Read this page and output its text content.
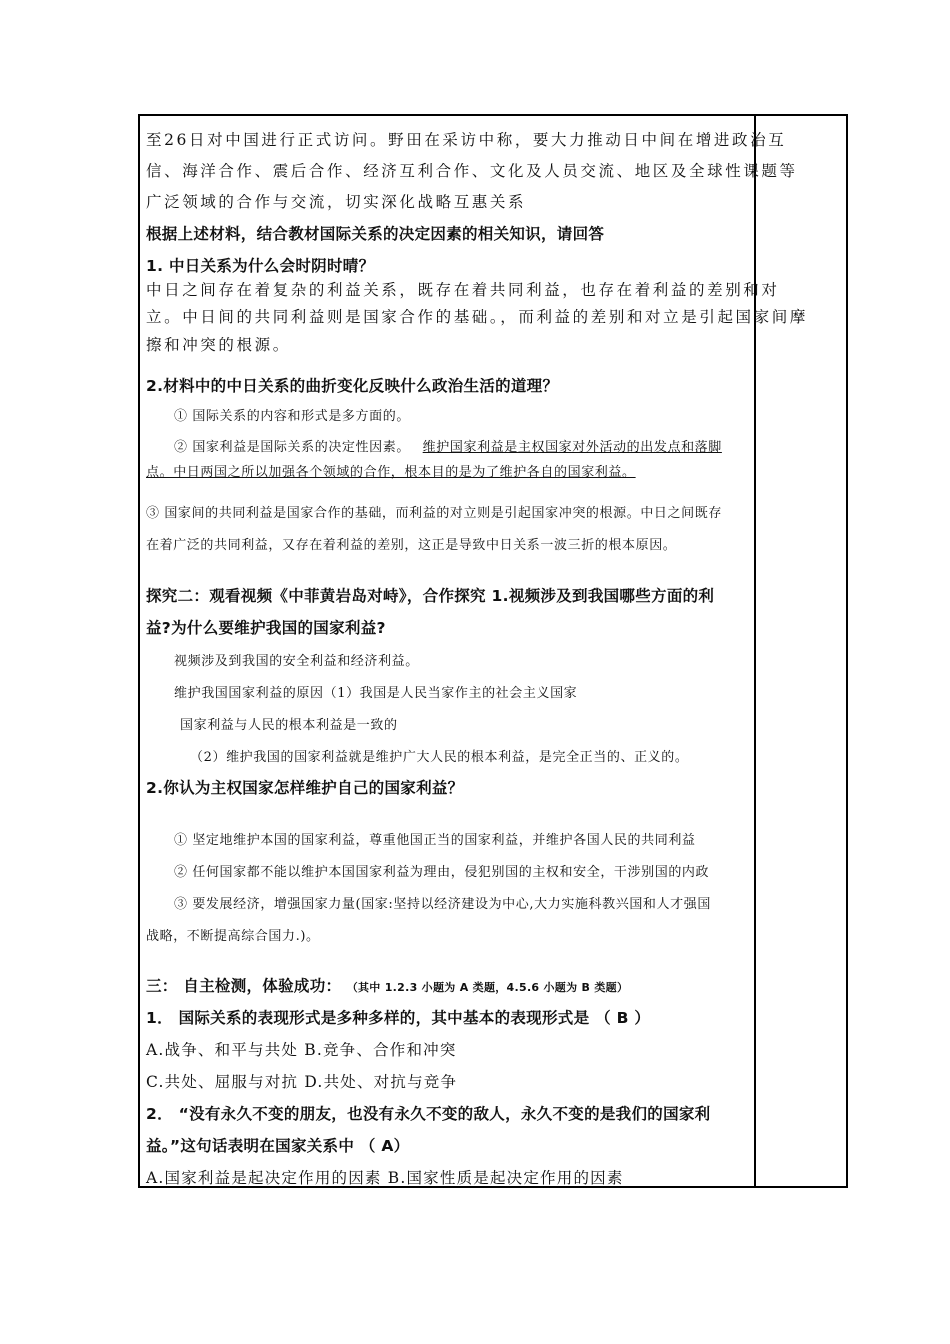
至26日对中国进行正式访问。野田在采访中称，要大力推动日中间在增进政治互
信、海洋合作、震后合作、经济互利合作、文化及人员交流、地区及全球性课题等
广泛领域的合作与交流，切实深化战略互惠关系
根据上述材料，结合教材国际关系的决定因素的相关知识，请回答
1. 中日关系为什么会时阴时晴？
中日之间存在着复杂的利益关系，既存在着共同利益，也存在着利益的差别和对
立。中日间的共同利益则是国家合作的基础。，而利益的差别和对立是引起国家间摩
擦和冲突的根源。
2.材料中的中日关系的曲折变化反映什么政治生活的道理？
① 国际关系的内容和形式是多方面的。
② 国家利益是国际关系的决定性因素。 维护国家利益是主权国家对外活动的出发点和落脚
点。中日两国之所以加强各个领域的合作，根本目的是为了维护各自的国家利益。
③ 国家间的共同利益是国家合作的基础，而利益的对立则是引起国家冲突的根源。中日之间既存
在着广泛的共同利益，又存在着利益的差别，这正是导致中日关系一波三折的根本原因。
探究二：观看视频《中菲黄岩岛对峙》，合作探究 1.视频涉及到我国哪些方面的利
益?为什么要维护我国的国家利益?
视频涉及到我国的安全利益和经济利益。
维护我国国家利益的原因（1）我国是人民当家作主的社会主义国家
国家利益与人民的根本利益是一致的
（2）维护我国的国家利益就是维护广大人民的根本利益，是完全正当的、正义的。
2.你认为主权国家怎样维护自己的国家利益？
① 坚定地维护本国的国家利益，尊重他国正当的国家利益，并维护各国人民的共同利益
② 任何国家都不能以维护本国国家利益为理由，侵犯别国的主权和安全，干涉别国的内政
③ 要发展经济，增强国家力量(国家:坚持以经济建设为中心,大力实施科教兴国和人才强国
战略，不断提高综合国力.)。
三： 自主检测，体验成功： （其中 1.2.3 小题为 A 类题，4.5.6 小题为 B 类题）
1． 国际关系的表现形式是多种多样的，其中基本的表现形式是 （ B ）
A.战争、和平与共处 B.竞争、合作和冲突
C.共处、屈服与对抗 D.共处、对抗与竞争
2． “没有永久不变的朋友，也没有永久不变的敌人，永久不变的是我们的国家利
益。”这句话表明在国家关系中 （ A）
A.国家利益是起决定作用的因素 B.国家性质是起决定作用的因素
